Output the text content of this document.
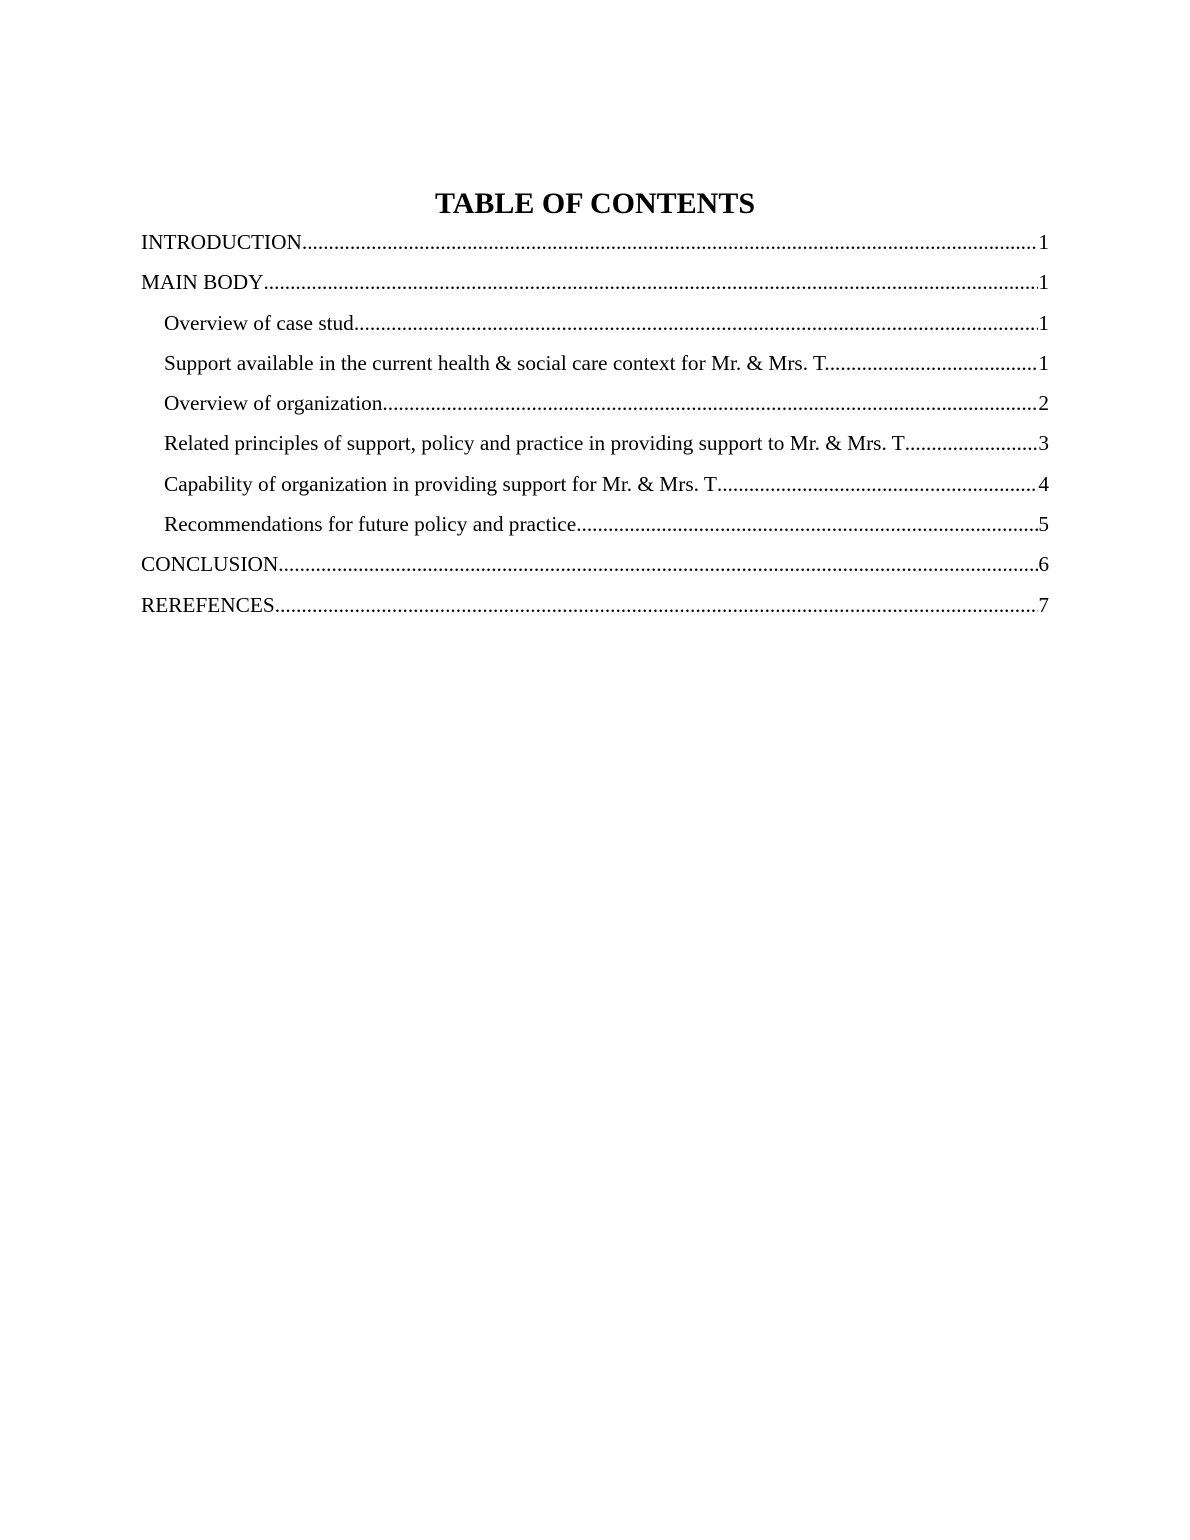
TABLE OF CONTENTS
INTRODUCTION .....	1
MAIN BODY .....	1
Overview of case stud .....	1
Support available in the current health & social care context for Mr. & Mrs. T. .....	1
Overview of organization .....	2
Related principles of support, policy and practice in providing support to Mr. & Mrs. T .....	3
Capability of organization in providing support for Mr. & Mrs. T .....	4
Recommendations for future policy and practice .....	5
CONCLUSION .....	6
REREFENCES .....	7
